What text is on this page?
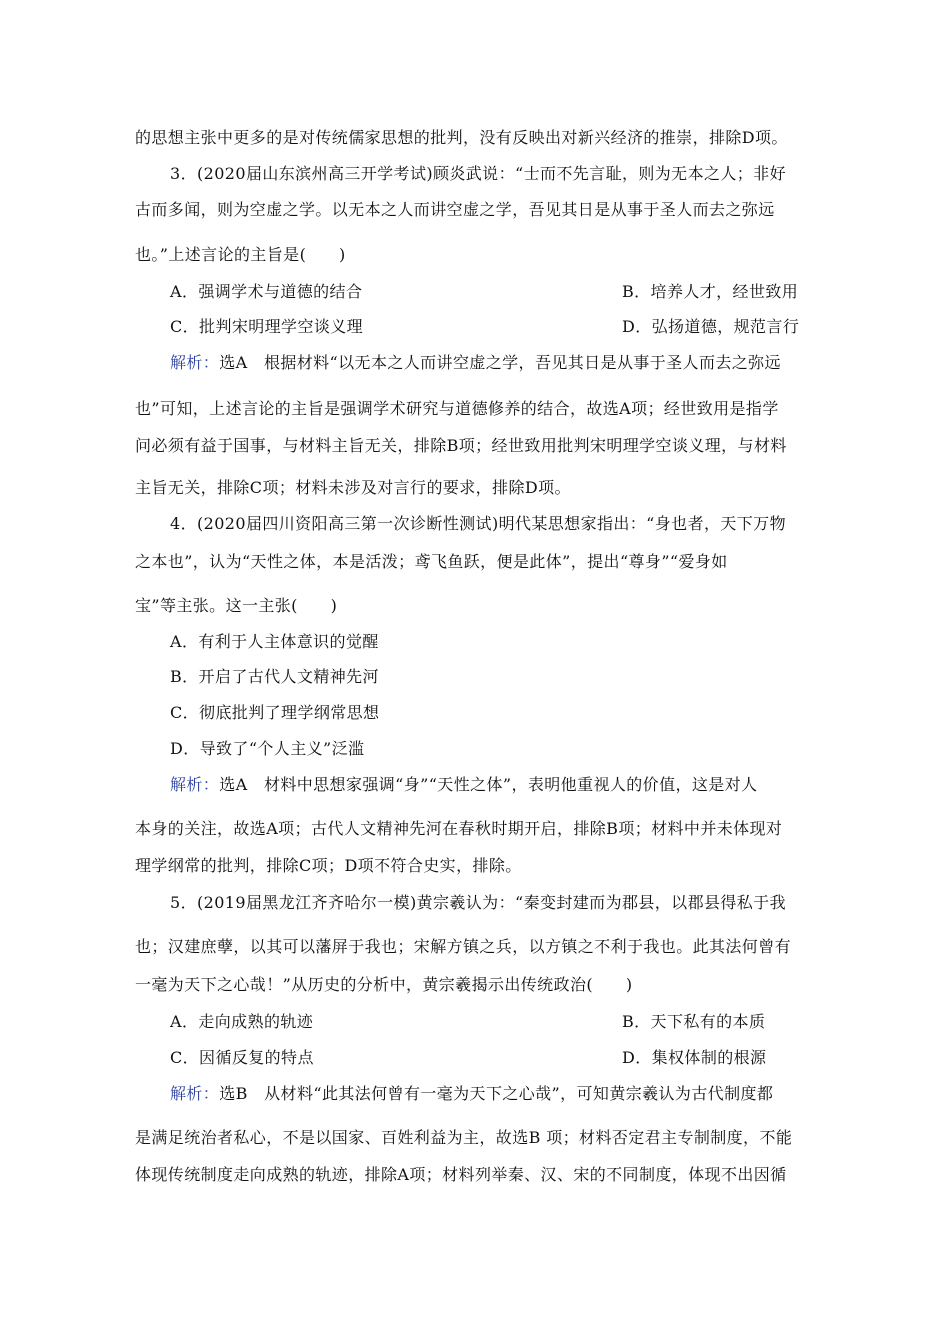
的思想主张中更多的是对传统儒家思想的批判，没有反映出对新兴经济的推崇，排除D项。
3．(2020届山东滨州高三开学考试)顾炎武说：“士而不先言耻，则为无本之人；非好
古而多闻，则为空虚之学。以无本之人而讲空虚之学，吾见其日是从事于圣人而去之弥远
也。”上述言论的主旨是(　　)
A．强调学术与道德的结合	B．培养人才，经世致用
C．批判宋明理学空谈义理	D．弘扬道德，规范言行
解析：选A　根据材料“以无本之人而讲空虚之学，吾见其日是从事于圣人而去之弥远
也”可知，上述言论的主旨是强调学术研究与道德修养的结合，故选A项；经世致用是指学
问必须有益于国事，与材料主旨无关，排除B项；经世致用批判宋明理学空谈义理，与材料
主旨无关，排除C项；材料未涉及对言行的要求，排除D项。
4．(2020届四川资阳高三第一次诊断性测试)明代某思想家指出：“身也者，天下万物
之本也”，认为“天性之体，本是活泼；鸢飞鱼跃，便是此体”，提出“尊身”“爱身如
宝”等主张。这一主张(　　)
A．有利于人主体意识的觉醒
B．开启了古代人文精神先河
C．彻底批判了理学纲常思想
D．导致了“个人主义”泛滥
解析：选A　材料中思想家强调“身”“天性之体”，表明他重视人的价值，这是对人
本身的关注，故选A项；古代人文精神先河在春秋时期开启，排除B项；材料中并未体现对
理学纲常的批判，排除C项；D项不符合史实，排除。
5．(2019届黑龙江齐齐哈尔一模)黄宗羲认为：“秦变封建而为郡县，以郡县得私于我
也；汉建庶孽，以其可以藩屏于我也；宋解方镇之兵，以方镇之不利于我也。此其法何曾有
一毫为天下之心哉！”从历史的分析中，黄宗羲揭示出传统政治(　　)
A．走向成熟的轨迹	B．天下私有的本质
C．因循反复的特点	D．集权体制的根源
解析：选B　从材料“此其法何曾有一毫为天下之心哉”，可知黄宗羲认为古代制度都
是满足统治者私心，不是以国家、百姓利益为主，故选B 项；材料否定君主专制制度，不能
体现传统制度走向成熟的轨迹，排除A项；材料列举秦、汉、宋的不同制度，体现不出因循
